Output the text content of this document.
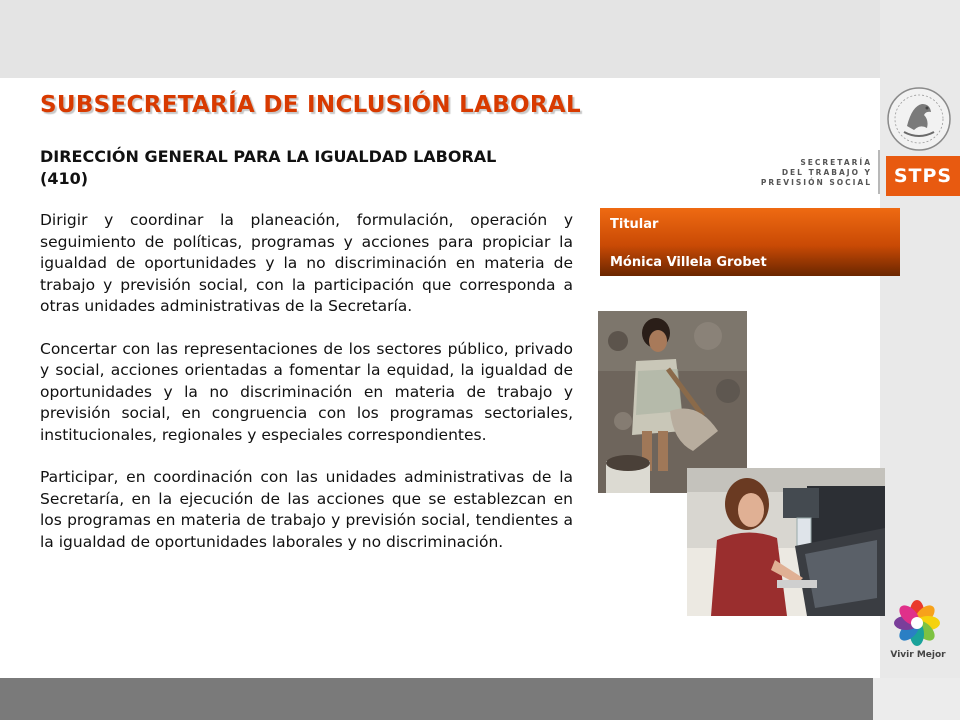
SUBSECRETARÍA DE INCLUSIÓN LABORAL
DIRECCIÓN GENERAL PARA LA IGUALDAD LABORAL (410)

Dirigir y coordinar la planeación, formulación, operación y seguimiento de políticas, programas y acciones para propiciar la igualdad de oportunidades y la no discriminación en materia de trabajo y previsión social, con la participación que corresponda a otras unidades administrativas de la Secretaría.

Concertar con las representaciones de los sectores público, privado y social, acciones orientadas a fomentar la equidad, la igualdad de oportunidades y la no discriminación en materia de trabajo y previsión social, en congruencia con los programas sectoriales, institucionales, regionales y especiales correspondientes.

Participar, en coordinación con las unidades administrativas de la Secretaría, en la ejecución de las acciones que se establezcan en los programas en materia de trabajo y previsión social, tendientes a la igualdad de oportunidades laborales y no discriminación.

SECRETARÍA
DEL TRABAJO Y
PREVISIÓN SOCIAL	STPS
Titular
Mónica Villela Grobet
Vivir Mejor
